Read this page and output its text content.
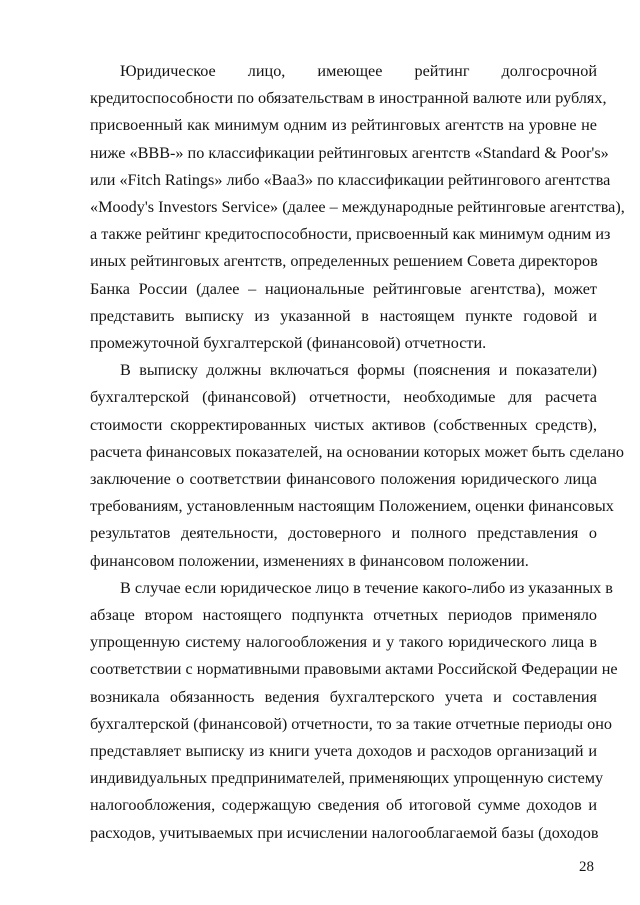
Юридическое лицо, имеющее рейтинг долгосрочной
кредитоспособности по обязательствам в иностранной валюте или рублях,
присвоенный как минимум одним из рейтинговых агентств на уровне не
ниже «BBB-» по классификации рейтинговых агентств «Standard & Poor's»
или «Fitch Ratings» либо «Baa3» по классификации рейтингового агентства
«Moody's Investors Service» (далее – международные рейтинговые агентства),
а также рейтинг кредитоспособности, присвоенный как минимум одним из
иных рейтинговых агентств, определенных решением Совета директоров
Банка России (далее – национальные рейтинговые агентства), может
представить выписку из указанной в настоящем пункте годовой и
промежуточной бухгалтерской (финансовой) отчетности.

В выписку должны включаться формы (пояснения и показатели)
бухгалтерской (финансовой) отчетности, необходимые для расчета
стоимости скорректированных чистых активов (собственных средств),
расчета финансовых показателей, на основании которых может быть сделано
заключение о соответствии финансового положения юридического лица
требованиям, установленным настоящим Положением, оценки финансовых
результатов деятельности, достоверного и полного представления о
финансовом положении, изменениях в финансовом положении.

В случае если юридическое лицо в течение какого-либо из указанных в
абзаце втором настоящего подпункта отчетных периодов применяло
упрощенную систему налогообложения и у такого юридического лица в
соответствии с нормативными правовыми актами Российской Федерации не
возникала обязанность ведения бухгалтерского учета и составления
бухгалтерской (финансовой) отчетности, то за такие отчетные периоды оно
представляет выписку из книги учета доходов и расходов организаций и
индивидуальных предпринимателей, применяющих упрощенную систему
налогообложения, содержащую сведения об итоговой сумме доходов и
расходов, учитываемых при исчислении налогооблагаемой базы (доходов

28
